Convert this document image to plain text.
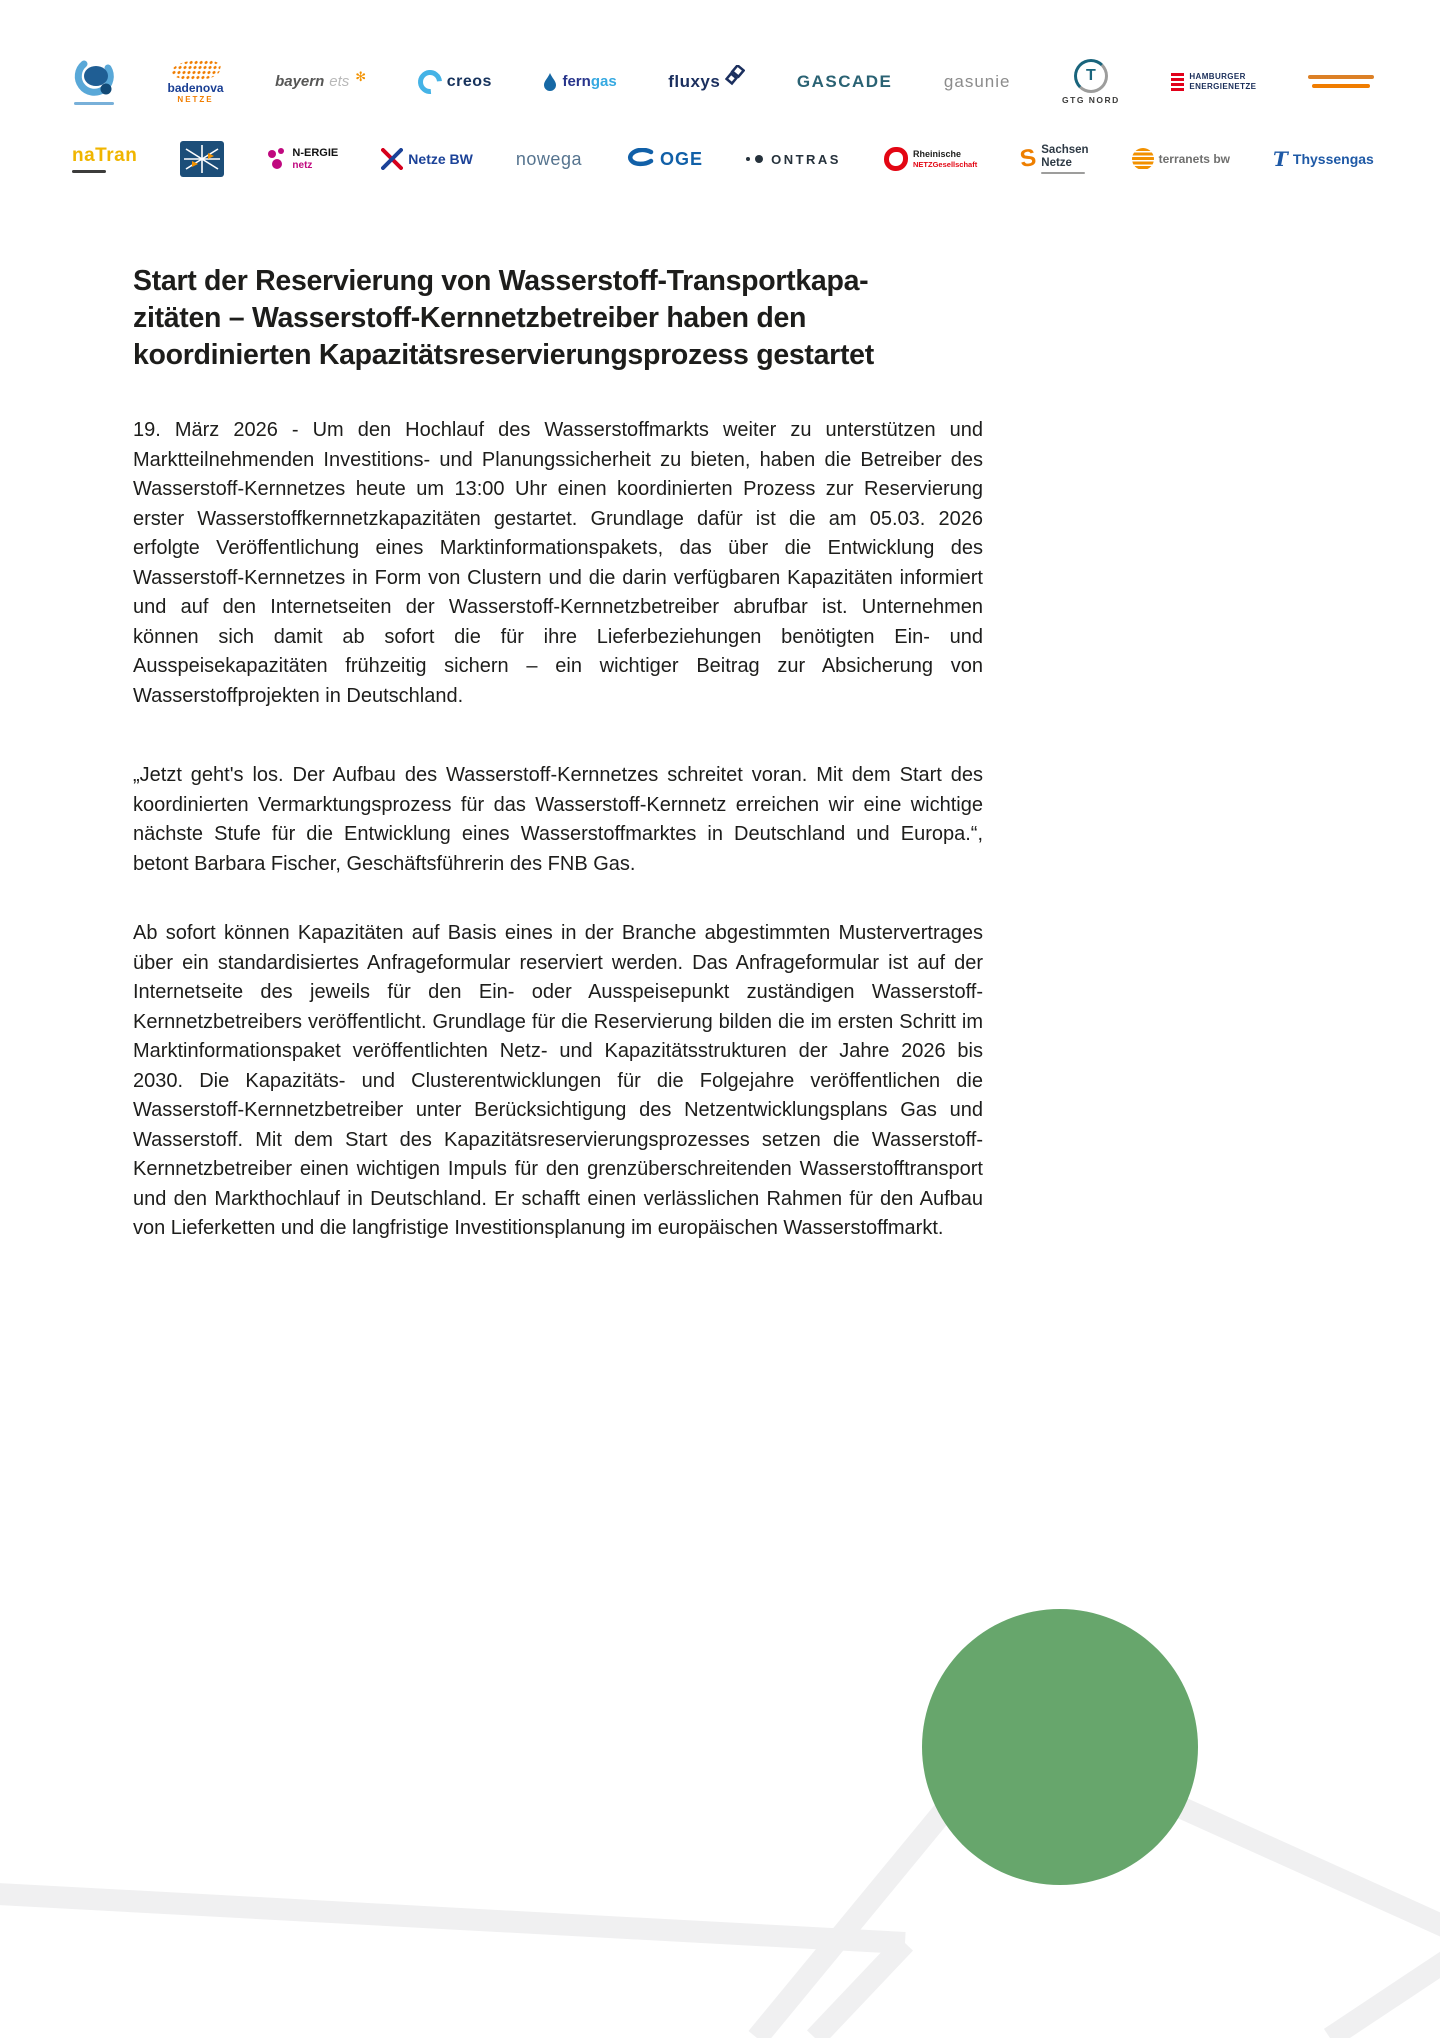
badenova
NETZE
bayern ets ✻	creos	ferngas	fluxys	GASCADE	gasunie	T
GTG NORD
HAMBURGER
ENERGIENETZE
naTran	N-ERGIE
netz	Netze BW nowega	OGE	ONTRAS	Rheinische
NETZGesellschaft S Sachsen
Netze	terranets bw T Thyssengas
Start der Reservierung von Wasserstoff-Transportkapa-
zitäten – Wasserstoff-Kernnetzbetreiber haben den
koordinierten Kapazitätsreservierungsprozess gestartet

19. März 2026 - Um den Hochlauf des Wasserstoffmarkts weiter zu unterstützen und Marktteilnehmenden Investitions- und Planungssicherheit zu bieten, haben die Betreiber des Wasserstoff-Kernnetzes heute um 13:00 Uhr einen koordinierten Prozess zur Reservierung erster Wasserstoffkernnetzkapazitäten gestartet. Grundlage dafür ist die am 05.03. 2026 erfolgte Veröffentlichung eines Marktinformationspakets, das über die Entwicklung des Wasserstoff-Kernnetzes in Form von Clustern und die darin verfügbaren Kapazitäten informiert und auf den Internetseiten der Wasserstoff-Kernnetzbetreiber abrufbar ist. Unternehmen können sich damit ab sofort die für ihre Lieferbeziehungen benötigten Ein- und Ausspeisekapazitäten frühzeitig sichern – ein wichtiger Beitrag zur Absicherung von Wasserstoffprojekten in Deutschland.

„Jetzt geht's los. Der Aufbau des Wasserstoff-Kernnetzes schreitet voran. Mit dem Start des koordinierten Vermarktungsprozess für das Wasserstoff-Kernnetz erreichen wir eine wichtige nächste Stufe für die Entwicklung eines Wasserstoffmarktes in Deutschland und Europa.“, betont Barbara Fischer, Geschäftsführerin des FNB Gas.

Ab sofort können Kapazitäten auf Basis eines in der Branche abgestimmten Mustervertrages über ein standardisiertes Anfrageformular reserviert werden. Das Anfrageformular ist auf der Internetseite des jeweils für den Ein- oder Ausspeisepunkt zuständigen Wasserstoff-Kernnetzbetreibers veröffentlicht. Grundlage für die Reservierung bilden die im ersten Schritt im Marktinformationspaket veröffentlichten Netz- und Kapazitätsstrukturen der Jahre 2026 bis 2030. Die Kapazitäts- und Clusterentwicklungen für die Folgejahre veröffentlichen die Wasserstoff-Kernnetzbetreiber unter Berücksichtigung des Netzentwicklungsplans Gas und Wasserstoff. Mit dem Start des Kapazitätsreservierungsprozesses setzen die Wasserstoff-Kernnetzbetreiber einen wichtigen Impuls für den grenzüberschreitenden Wasserstofftransport und den Markthochlauf in Deutschland. Er schafft einen verlässlichen Rahmen für den Aufbau von Lieferketten und die langfristige Investitionsplanung im europäischen Wasserstoffmarkt.
